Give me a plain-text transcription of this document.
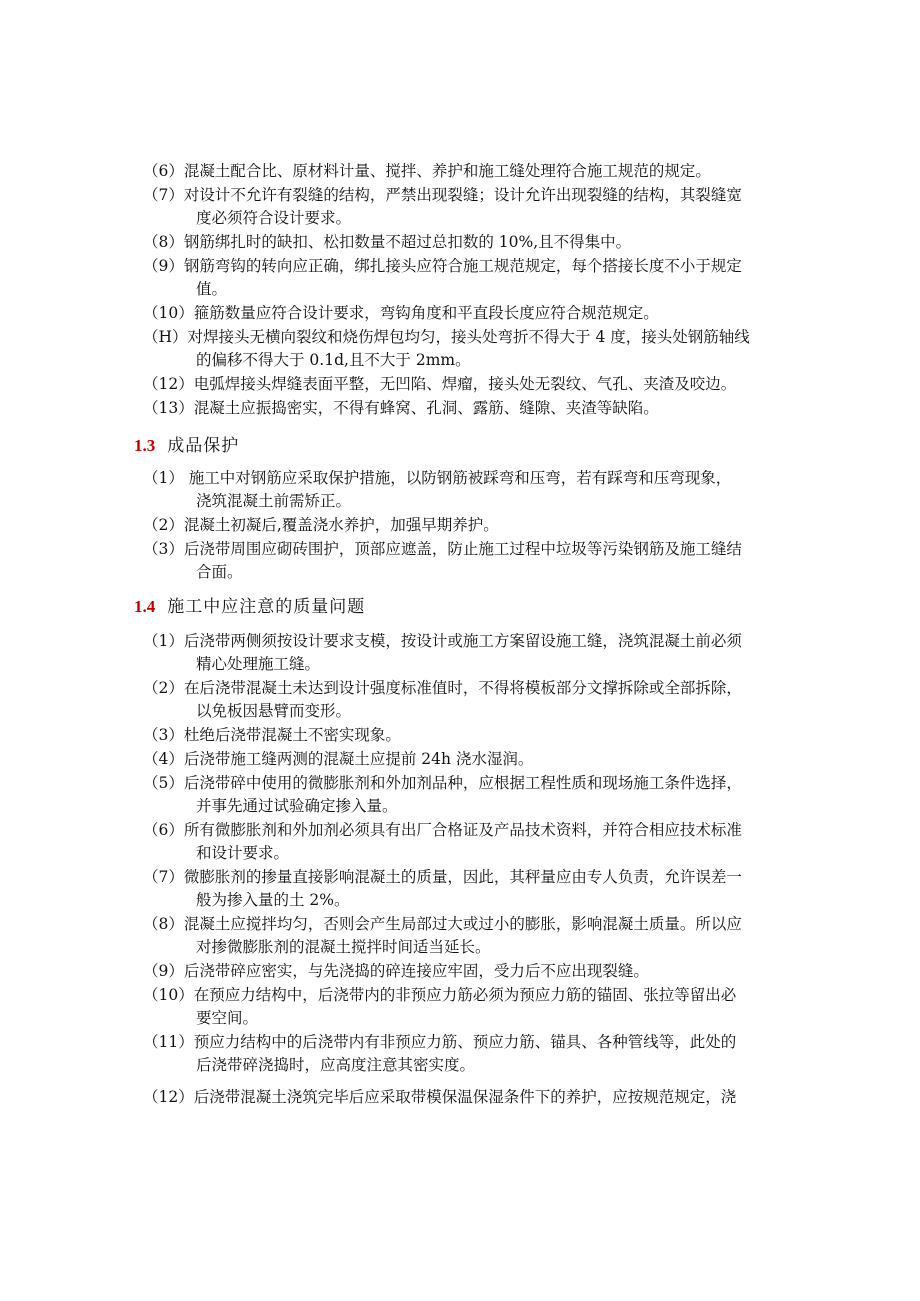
（6）混凝土配合比、原材料计量、搅拌、养护和施工缝处理符合施工规范的规定。
（7）对设计不允许有裂缝的结构，严禁出现裂缝；设计允许出现裂缝的结构，其裂缝宽
度必须符合设计要求。
（8）钢筋绑扎时的缺扣、松扣数量不超过总扣数的 10%,且不得集中。
（9）钢筋弯钩的转向应正确，绑扎接头应符合施工规范规定，每个搭接长度不小于规定
值。
（10）箍筋数量应符合设计要求，弯钩角度和平直段长度应符合规范规定。
（H）对焊接头无横向裂纹和烧伤焊包均匀，接头处弯折不得大于 4 度，接头处钢筋轴线
的偏移不得大于 0.1d,且不大于 2mm。
（12）电弧焊接头焊缝表面平整，无凹陷、焊瘤，接头处无裂纹、气孔、夹渣及咬边。
（13）混凝土应振捣密实，不得有蜂窝、孔洞、露筋、缝隙、夹渣等缺陷。
1.3 成品保护
（1） 施工中对钢筋应采取保护措施，以防钢筋被踩弯和压弯，若有踩弯和压弯现象，
浇筑混凝土前需矫正。
（2）混凝土初凝后,覆盖浇水养护，加强早期养护。
（3）后浇带周围应砌砖围护，顶部应遮盖，防止施工过程中垃圾等污染钢筋及施工缝结
合面。
1.4 施工中应注意的质量问题
（1）后浇带两侧须按设计要求支模，按设计或施工方案留设施工缝，浇筑混凝土前必须
精心处理施工缝。
（2）在后浇带混凝土未达到设计强度标准值时，不得将模板部分文撑拆除或全部拆除，
以免板因悬臂而变形。
（3）杜绝后浇带混凝土不密实现象。
（4）后浇带施工缝两测的混凝土应提前 24h 浇水湿润。
（5）后浇带碎中使用的微膨胀剂和外加剂品种，应根据工程性质和现场施工条件选择，
并事先通过试验确定掺入量。
（6）所有微膨胀剂和外加剂必须具有出厂合格证及产品技术资料，并符合相应技术标准
和设计要求。
（7）微膨胀剂的掺量直接影响混凝土的质量，因此，其秤量应由专人负责，允许误差一
般为掺入量的土 2%。
（8）混凝土应搅拌均匀，否则会产生局部过大或过小的膨胀，影响混凝土质量。所以应
对掺微膨胀剂的混凝土搅拌时间适当延长。
（9）后浇带碎应密实，与先浇捣的碎连接应牢固，受力后不应出现裂缝。
（10）在预应力结构中，后浇带内的非预应力筋必须为预应力筋的锚固、张拉等留出必
要空间。
（11）预应力结构中的后浇带内有非预应力筋、预应力筋、锚具、各种管线等，此处的
后浇带碎浇捣时，应高度注意其密实度。
（12）后浇带混凝土浇筑完毕后应采取带模保温保湿条件下的养护，应按规范规定，浇
